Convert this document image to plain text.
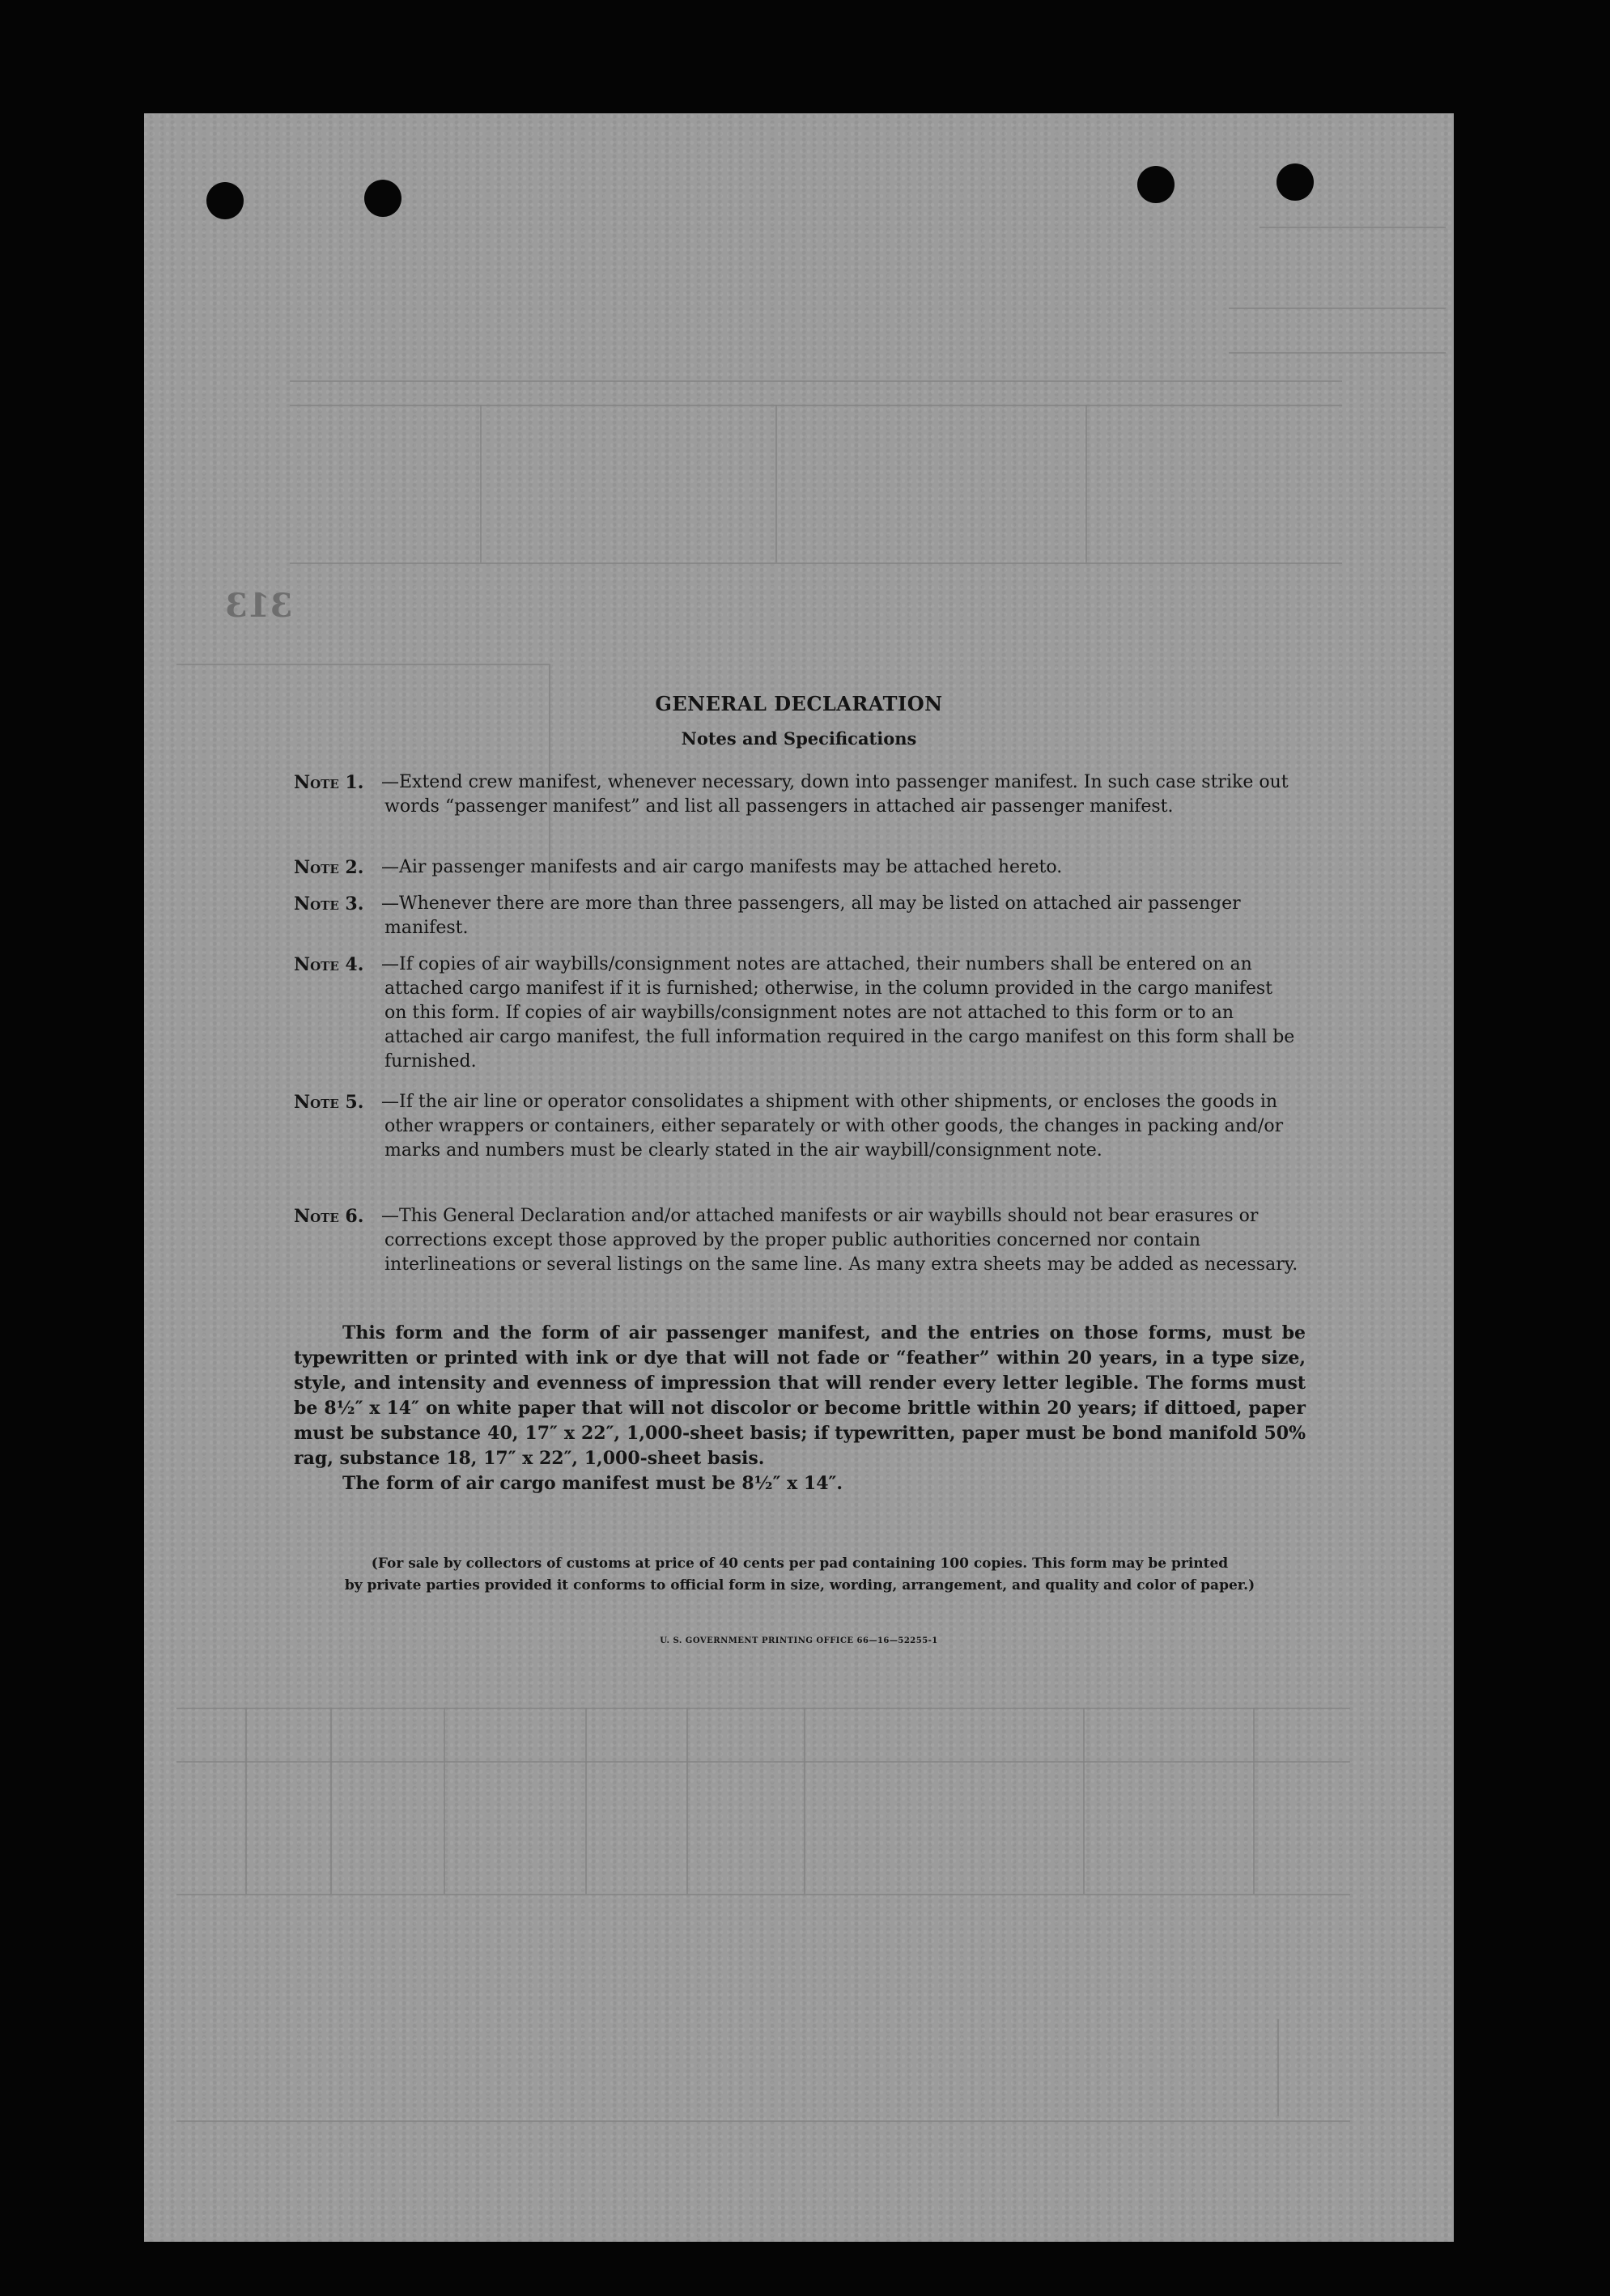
313
GENERAL DECLARATION
Notes and Specifications
Note 1. —Extend crew manifest, whenever necessary, down into passenger manifest. In such case strike out words “passenger manifest” and list all passengers in attached air passenger manifest.
Note 2. —Air passenger manifests and air cargo manifests may be attached hereto.
Note 3. —Whenever there are more than three passengers, all may be listed on attached air passenger manifest.
Note 4. —If copies of air waybills/consignment notes are attached, their numbers shall be entered on an attached cargo manifest if it is furnished; otherwise, in the column provided in the cargo manifest on this form. If copies of air waybills/consignment notes are not attached to this form or to an attached air cargo manifest, the full information required in the cargo manifest on this form shall be furnished.
Note 5. —If the air line or operator consolidates a shipment with other shipments, or encloses the goods in other wrappers or containers, either separately or with other goods, the changes in packing and/or marks and numbers must be clearly stated in the air waybill/consignment note.
Note 6. —This General Declaration and/or attached manifests or air waybills should not bear erasures or corrections except those approved by the proper public authorities concerned nor contain interlineations or several listings on the same line. As many extra sheets may be added as necessary.
This form and the form of air passenger manifest, and the entries on those forms, must be typewritten or printed with ink or dye that will not fade or “feather” within 20 years, in a type size, style, and intensity and evenness of impression that will render every letter legible. The forms must be 8½″ x 14″ on white paper that will not discolor or become brittle within 20 years; if dittoed, paper must be substance 40, 17″ x 22″, 1,000-sheet basis; if typewritten, paper must be bond manifold 50% rag, substance 18, 17″ x 22″, 1,000-sheet basis.
The form of air cargo manifest must be 8½″ x 14″.
(For sale by collectors of customs at price of 40 cents per pad containing 100 copies. This form may be printed
by private parties provided it conforms to official form in size, wording, arrangement, and quality and color of paper.)
U. S. GOVERNMENT PRINTING OFFICE 66—16—52255-1
